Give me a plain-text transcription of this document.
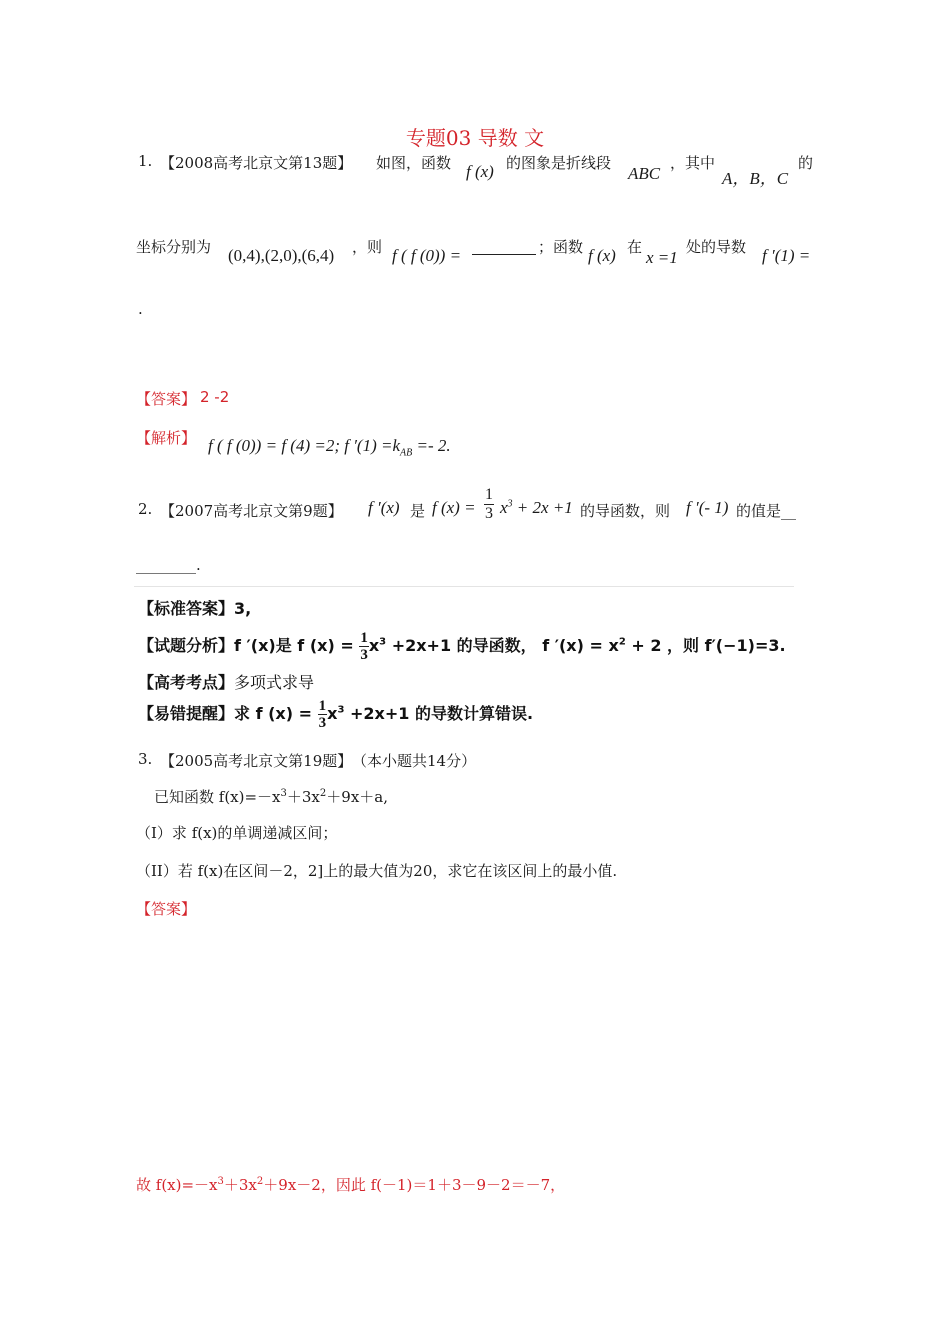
专题03 导数 文
1. 【2008高考北京文第13题】 如图，函数 f (x) 的图象是折线段
ABC
，其中
A，B，C
的
坐标分别为 (0,4),(2,0),(6,4) ，则 f ( f (0)) =	；函数 f (x) 在
x =1
处的导数 f ′(1) =
.
【答案】 2 -2
【解析】 f ( f (0)) = f (4) =2; f $'(1) =k_{AB} =- 2$.
2. 【2007高考北京文第9题】 f ′(x) 是 f $(x) = \frac{1}{3} x^3 + 2x +1$ 的导函数，则 f ′(- 1) 的值是__
________.
【标准答案】3,
【试题分析】f ′(x)是 f $(x) = \frac{1}{3} x^3 +2x+1$ 的导函数， f $'(x) = x^2 + 2$ ，则 f′(−1)=3.
【高考考点】多项式求导
【易错提醒】求 f $(x) = \frac{1}{3} x^3 +2x+1$ 的导数计算错误.
3. 【2005高考北京文第19题】 （本小题共14分）
已知函数 $f(x)=-x^3+3x^2+9x+a$,
（I）求 f(x)的单调递减区间；
（II）若 f(x)在区间－2，2]上的最大值为20，求它在该区间上的最小值.
【答案】
故 $f(x)=-x^3+3x^2+9x-2$，因此 f(－1)＝1＋3－9－2＝－7，
